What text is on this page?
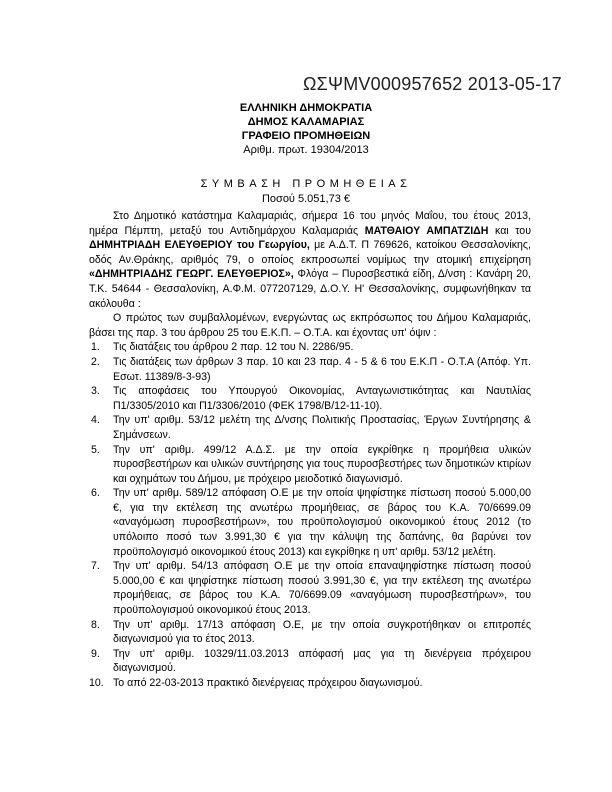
ΩΣΨMV000957652 2013-05-17
ΕΛΛΗΝΙΚΗ ΔΗΜΟΚΡΑΤΙΑ
ΔΗΜΟΣ ΚΑΛΑΜΑΡΙΑΣ
ΓΡΑΦΕΙΟ ΠΡΟΜΗΘΕΙΩΝ
Αριθμ. πρωτ. 19304/2013
ΣΥΜΒΑΣΗ ΠΡΟΜΗΘΕΙΑΣ
Ποσού 5.051,73 €

Στο Δημοτικό κατάστημα Καλαμαριάς, σήμερα 16 του μηνός Μαΐου, του έτους 2013, ημέρα Πέμπτη, μεταξύ του Αντιδημάρχου Καλαμαριάς ΜΑΤΘΑΙΟΥ ΑΜΠΑΤΖΙΔΗ και του ΔΗΜΗΤΡΙΑΔΗ ΕΛΕΥΘΕΡΙΟΥ του Γεωργίου, με Α.Δ.Τ. Π 769626, κατοίκου Θεσσαλονίκης, οδός Αν.Θράκης, αριθμός 79, ο οποίος εκπροσωπεί νομίμως την ατομική επιχείρηση «ΔΗΜΗΤΡΙΑΔΗΣ ΓΕΩΡΓ. ΕΛΕΥΘΕΡΙΟΣ», Φλόγα – Πυροσβεστικά είδη, Δ/νση : Κανάρη 20, Τ.Κ. 54644 - Θεσσαλονίκη, Α.Φ.Μ. 077207129, Δ.Ο.Υ. Η' Θεσσαλονίκης, συμφωνήθηκαν τα ακόλουθα :

Ο πρώτος των συμβαλλομένων, ενεργώντας ως εκπρόσωπος του Δήμου Καλαμαριάς, βάσει της παρ. 3 του άρθρου 25 του Ε.Κ.Π. – Ο.Τ.Α. και έχοντας υπ' όψιν :

1. Τις διατάξεις του άρθρου 2 παρ. 12 του Ν. 2286/95.
2. Τις διατάξεις των άρθρων 3 παρ. 10 και 23 παρ. 4 - 5 & 6 του Ε.Κ.Π - Ο.Τ.Α (Απόφ. Υπ. Εσωτ. 11389/8-3-93)
3. Τις αποφάσεις του Υπουργού Οικονομίας, Ανταγωνιστικότητας και Ναυτιλίας Π1/3305/2010 και Π1/3306/2010 (ΦΕΚ 1798/Β/12-11-10).
4. Την υπ' αριθμ. 53/12 μελέτη της Δ/νσης Πολιτικής Προστασίας, Έργων Συντήρησης & Σημάνσεων.
5. Την υπ' αριθμ. 499/12 Α.Δ.Σ. με την οποία εγκρίθηκε η προμήθεια υλικών πυροσβεστήρων και υλικών συντήρησης για τους πυροσβεστήρες των δημοτικών κτιρίων και οχημάτων του Δήμου, με πρόχειρο μειοδοτικό διαγωνισμό.
6. Την υπ' αριθμ. 589/12 απόφαση Ο.Ε με την οποία ψηφίστηκε πίστωση ποσού 5.000,00 €, για την εκτέλεση της ανωτέρω προμήθειας, σε βάρος του Κ.Α. 70/6699.09 «αναγόμωση πυροσβεστήρων», του προϋπολογισμού οικονομικού έτους 2012 (το υπόλοιπο ποσό των 3.991,30 € για την κάλυψη της δαπάνης, θα βαρύνει τον προϋπολογισμό οικονομικού έτους 2013) και εγκρίθηκε η υπ' αριθμ. 53/12 μελέτη.
7. Την υπ' αριθμ. 54/13 απόφαση Ο.Ε με την οποία επαναψηφίστηκε πίστωση ποσού 5.000,00 € και ψηφίστηκε πίστωση ποσού 3.991,30 €, για την εκτέλεση της ανωτέρω προμήθειας, σε βάρος του Κ.Α. 70/6699.09 «αναγόμωση πυροσβεστήρων», του προϋπολογισμού οικονομικού έτους 2013.
8. Την υπ' αριθμ. 17/13 απόφαση Ο.Ε, με την οποία συγκροτήθηκαν οι επιτροπές διαγωνισμού για το έτος 2013.
9. Την υπ' αριθμ. 10329/11.03.2013 απόφασή μας για τη διενέργεια πρόχειρου διαγωνισμού.
10. Το από 22-03-2013 πρακτικό διενέργειας πρόχειρου διαγωνισμού.
